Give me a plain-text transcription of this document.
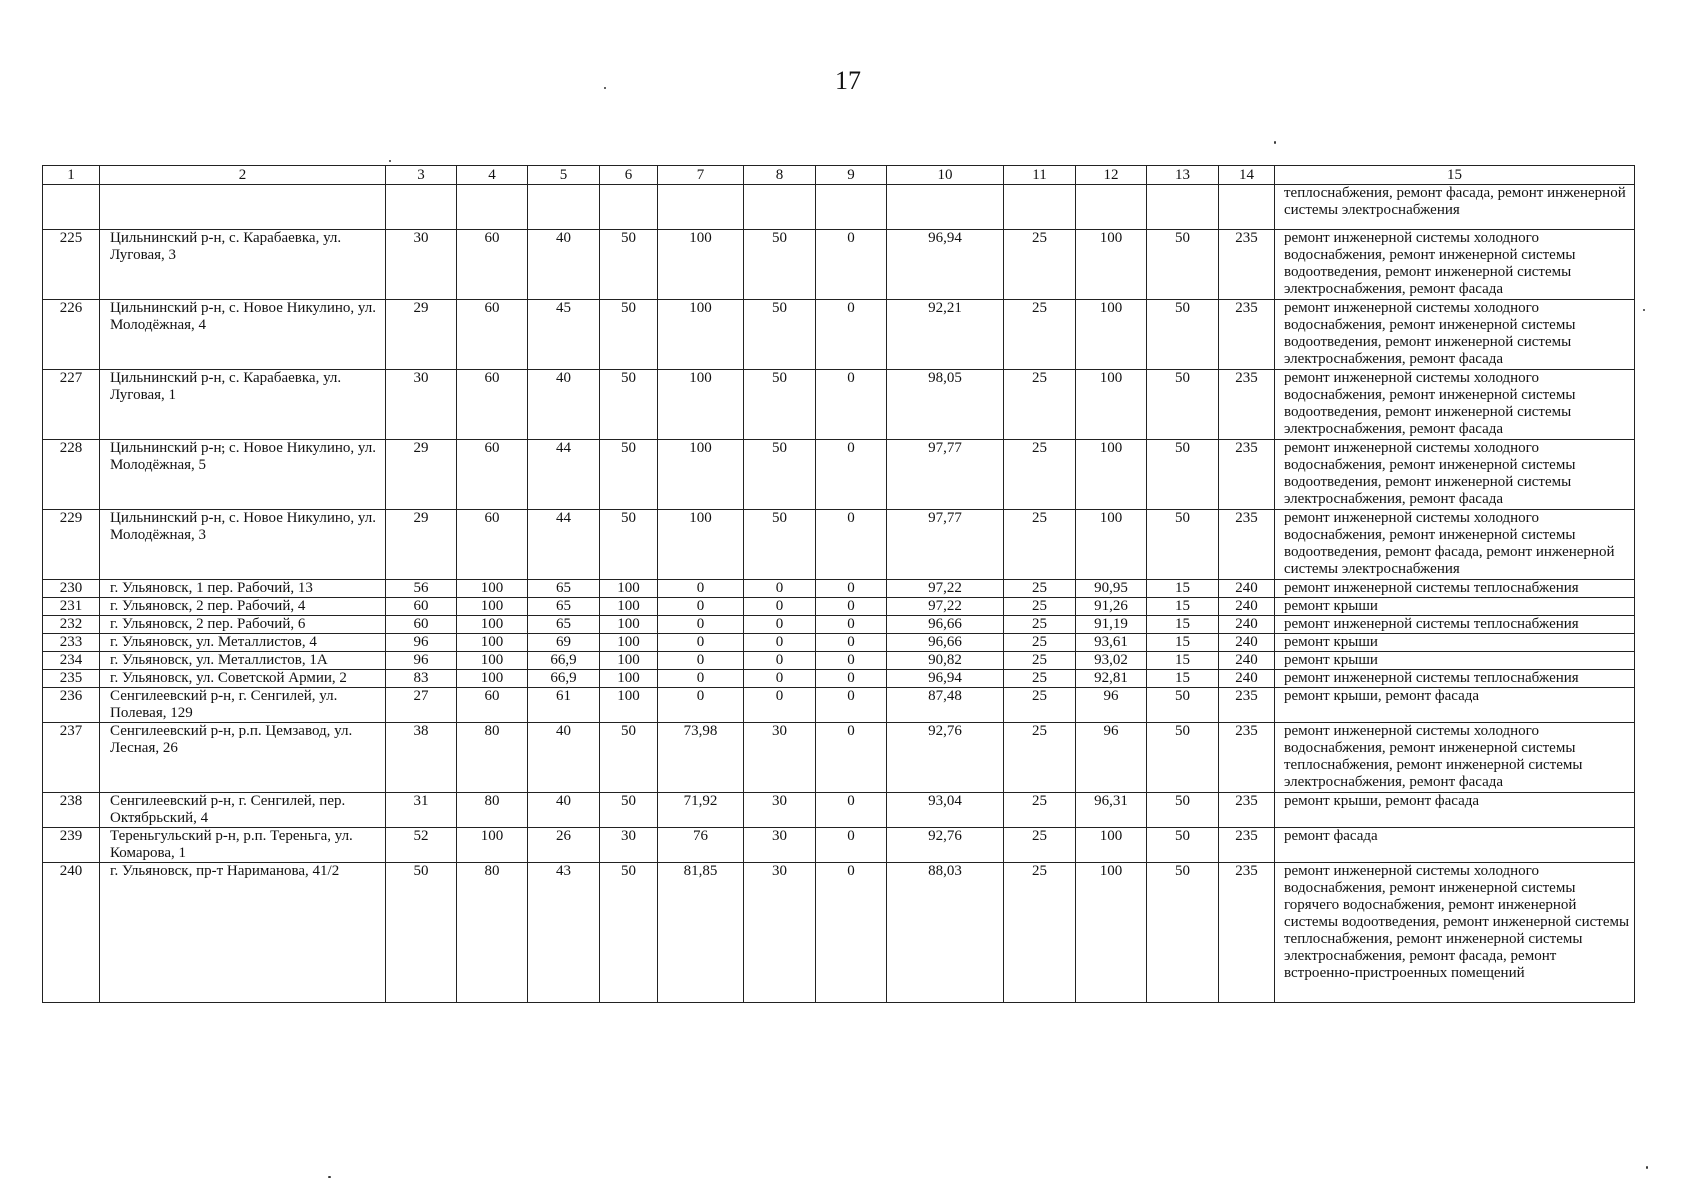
17
1	2	3	4	5	6	7	8	9	10	11	12	13	14	15
														теплоснабжения, ремонт фасада, ремонт инженерной системы электроснабжения
225	Цильнинский р-н, с. Карабаевка, ул. Луговая, 3	30	60	40	50	100	50	0	96,94	25	100	50	235	ремонт инженерной системы холодного водоснабжения, ремонт инженерной системы водоотведения, ремонт инженерной системы электроснабжения, ремонт фасада
226	Цильнинский р-н, с. Новое Никулино, ул. Молодёжная, 4	29	60	45	50	100	50	0	92,21	25	100	50	235	ремонт инженерной системы холодного водоснабжения, ремонт инженерной системы водоотведения, ремонт инженерной системы электроснабжения, ремонт фасада
227	Цильнинский р-н, с. Карабаевка, ул. Луговая, 1	30	60	40	50	100	50	0	98,05	25	100	50	235	ремонт инженерной системы холодного водоснабжения, ремонт инженерной системы водоотведения, ремонт инженерной системы электроснабжения, ремонт фасада
228	Цильнинский р-н, с. Новое Никулино, ул. Молодёжная, 5	29	60	44	50	100	50	0	97,77	25	100	50	235	ремонт инженерной системы холодного водоснабжения, ремонт инженерной системы водоотведения, ремонт инженерной системы электроснабжения, ремонт фасада
229	Цильнинский р-н, с. Новое Никулино, ул. Молодёжная, 3	29	60	44	50	100	50	0	97,77	25	100	50	235	ремонт инженерной системы холодного водоснабжения, ремонт инженерной системы водоотведения, ремонт фасада, ремонт инженерной системы электроснабжения
230	г. Ульяновск, 1 пер. Рабочий, 13	56	100	65	100	0	0	0	97,22	25	90,95	15	240	ремонт инженерной системы теплоснабжения
231	г. Ульяновск, 2 пер. Рабочий, 4	60	100	65	100	0	0	0	97,22	25	91,26	15	240	ремонт крыши
232	г. Ульяновск, 2 пер. Рабочий, 6	60	100	65	100	0	0	0	96,66	25	91,19	15	240	ремонт инженерной системы теплоснабжения
233	г. Ульяновск, ул. Металлистов, 4	96	100	69	100	0	0	0	96,66	25	93,61	15	240	ремонт крыши
234	г. Ульяновск, ул. Металлистов, 1А	96	100	66,9	100	0	0	0	90,82	25	93,02	15	240	ремонт крыши
235	г. Ульяновск, ул. Советской Армии, 2	83	100	66,9	100	0	0	0	96,94	25	92,81	15	240	ремонт инженерной системы теплоснабжения
236	Сенгилеевский р-н, г. Сенгилей, ул. Полевая, 129	27	60	61	100	0	0	0	87,48	25	96	50	235	ремонт крыши, ремонт фасада
237	Сенгилеевский р-н, р.п. Цемзавод, ул. Лесная, 26	38	80	40	50	73,98	30	0	92,76	25	96	50	235	ремонт инженерной системы холодного водоснабжения, ремонт инженерной системы теплоснабжения, ремонт инженерной системы электроснабжения, ремонт фасада
238	Сенгилеевский р-н, г. Сенгилей, пер. Октябрьский, 4	31	80	40	50	71,92	30	0	93,04	25	96,31	50	235	ремонт крыши, ремонт фасада
239	Тереньгульский р-н, р.п. Тереньга, ул. Комарова, 1	52	100	26	30	76	30	0	92,76	25	100	50	235	ремонт фасада
240	г. Ульяновск, пр-т Нариманова, 41/2	50	80	43	50	81,85	30	0	88,03	25	100	50	235	ремонт инженерной системы холодного водоснабжения, ремонт инженерной системы горячего водоснабжения, ремонт инженерной системы водоотведения, ремонт инженерной системы теплоснабжения, ремонт инженерной системы электроснабжения, ремонт фасада, ремонт встроенно-пристроенных помещений
